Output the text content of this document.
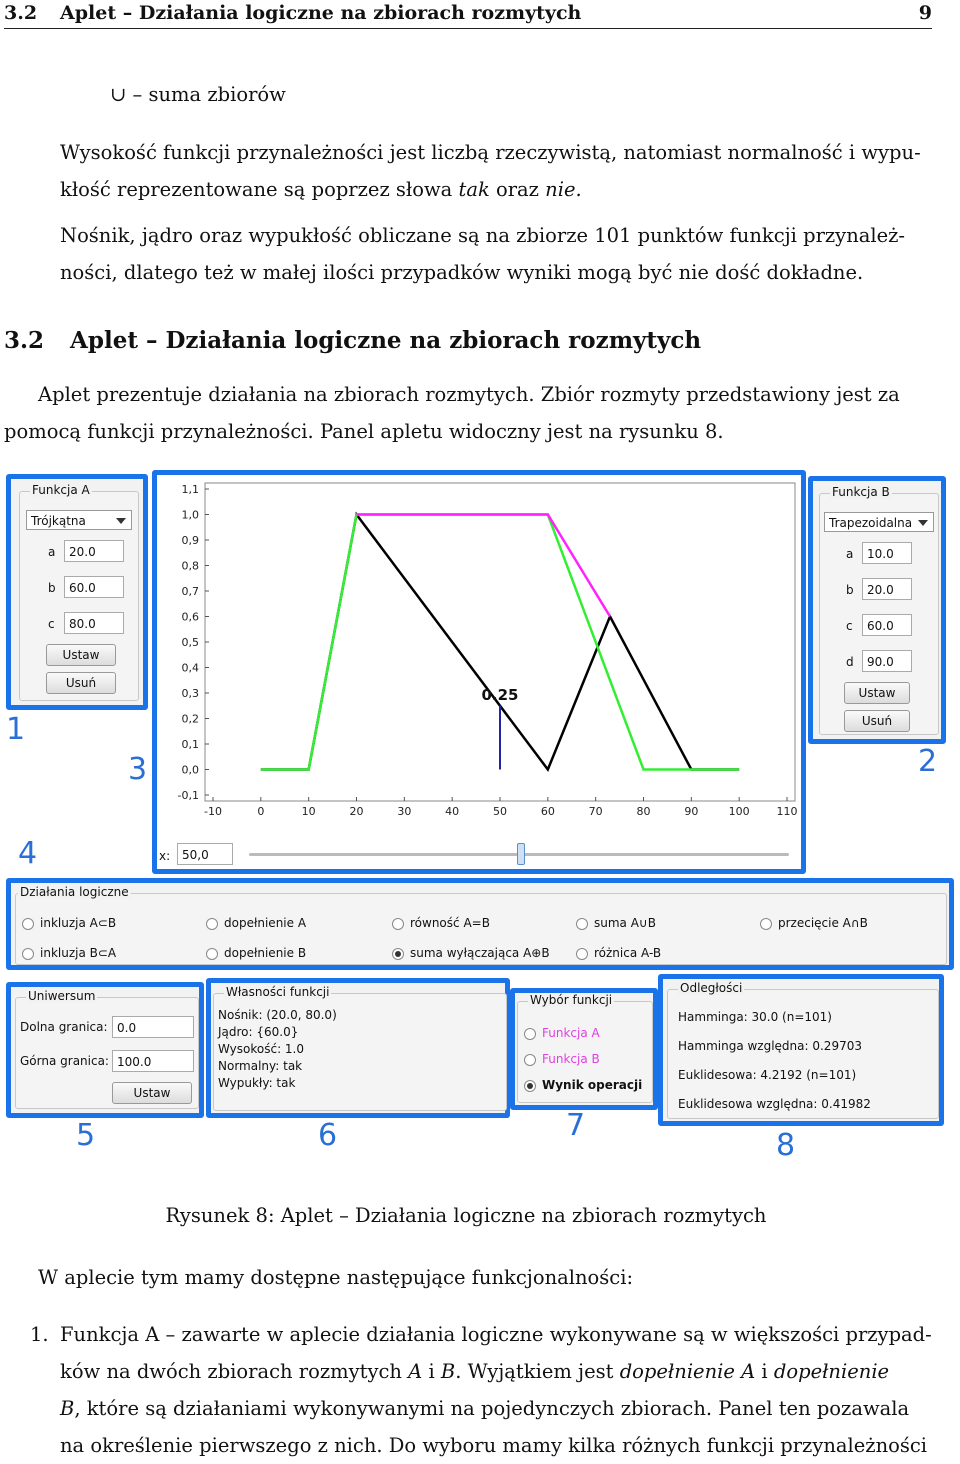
3.2 Aplet – Działania logiczne na zbiorach rozmytych	9
∪ – suma zbiorów
Wysokość funkcji przynależności jest liczbą rzeczywistą, natomiast normalność i wypu-
kłość reprezentowane są poprzez słowa tak oraz nie.
Nośnik, jądro oraz wypukłość obliczane są na zbiorze 101 punktów funkcji przynależ-
ności, dlatego też w małej ilości przypadków wyniki mogą być nie dość dokładne.
3.2 Aplet – Działania logiczne na zbiorach rozmytych
Aplet prezentuje działania na zbiorach rozmytych. Zbiór rozmyty przedstawiony jest za
pomocą funkcji przynależności. Panel apletu widoczny jest na rysunku 8.
Funkcja A
Trójkątna
a	20.0
b	60.0
c	80.0
Ustaw
Usuń
-0,1
0,0
0,1
0,2
0,3
0,4
0,5
0,6
0,7
0,8
0,9
1,0
1,1
-10	0	10	20	30	40	50	60	70	80	90	100 110
0.25
x: 50,0
Funkcja B
Trapezoidalna
a	10.0
b	20.0
c	60.0
d	90.0
Ustaw
Usuń
Działania logiczne
inkluzja A⊂B	dopełnienie A	równość A=B	suma A∪B	przecięcie A∩B
inkluzja B⊂A	dopełnienie B	suma wyłączająca A⊕B	różnica A-B
Uniwersum
Dolna granica: 0.0
Górna granica: 100.0
Ustaw
Własności funkcji
Nośnik: (20.0, 80.0)
Jądro: {60.0}
Wysokość: 1.0
Normalny: tak
Wypukły: tak
Wybór funkcji
Funkcja A
Funkcja B
Wynik operacji
Odległości
Hamminga: 30.0 (n=101)
Hamminga względna: 0.29703
Euklidesowa: 4.2192 (n=101)
Euklidesowa względna: 0.41982
1
2
3
4
5	6	7
8
Rysunek 8: Aplet – Działania logiczne na zbiorach rozmytych
W aplecie tym mamy dostępne następujące funkcjonalności:
1. Funkcja A – zawarte w aplecie działania logiczne wykonywane są w większości przypad-
ków na dwóch zbiorach rozmytych A i B. Wyjątkiem jest dopełnienie A i dopełnienie
B, które są działaniami wykonywanymi na pojedynczych zbiorach. Panel ten pozawala
na określenie pierwszego z nich. Do wyboru mamy kilka różnych funkcji przynależności
